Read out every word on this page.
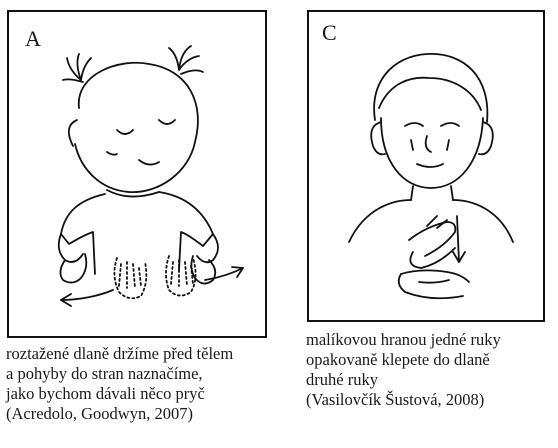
A	C
roztažené dlaně držíme před tělem
a pohyby do stran naznačíme,
jako bychom dávali něco pryč
(Acredolo, Goodwyn, 2007)
malíkovou hranou jedné ruky
opakovaně klepete do dlaně
druhé ruky
(Vasilovčík Šustová, 2008)
